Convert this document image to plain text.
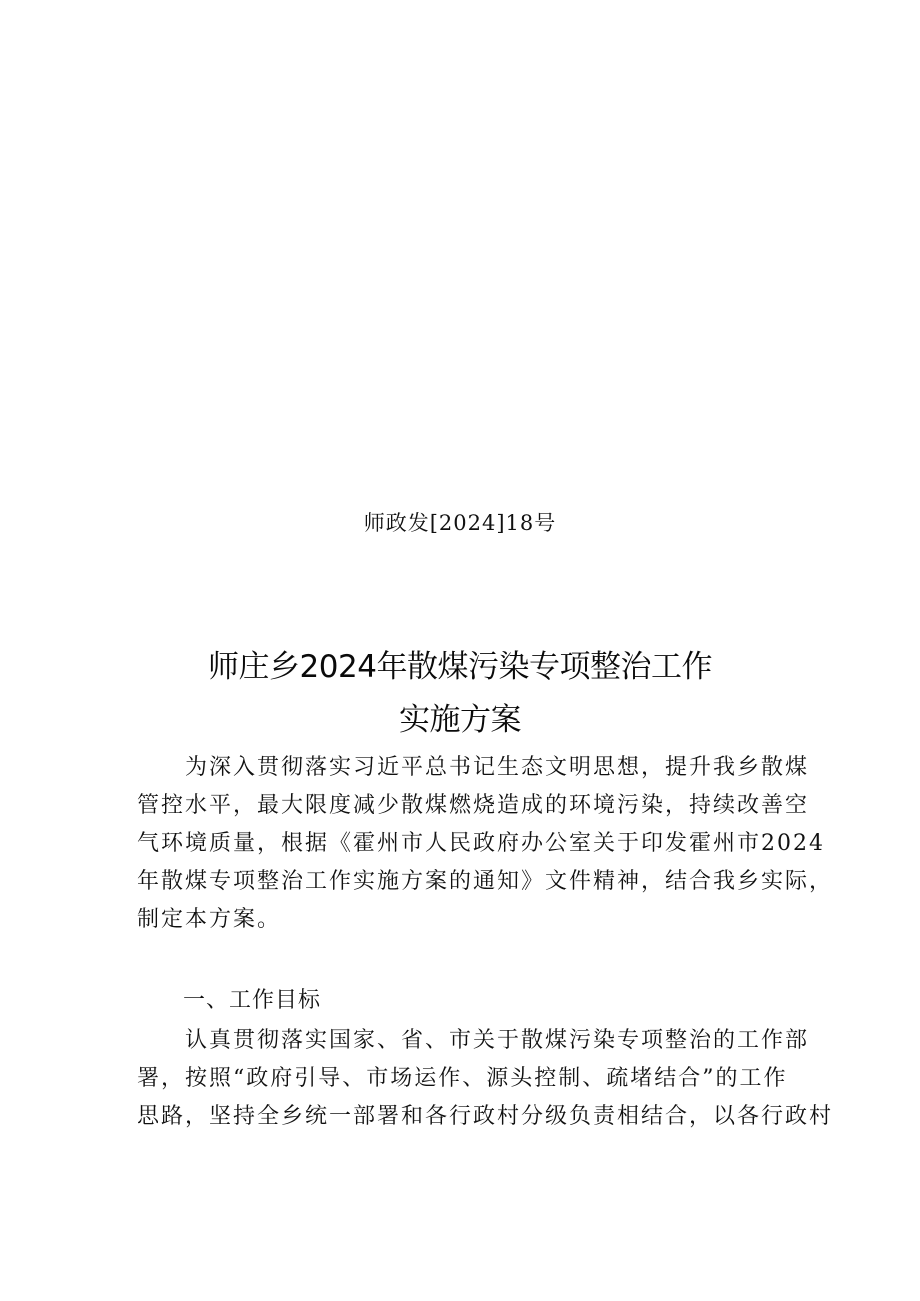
师政发[2024]18号
师庄乡2024年散煤污染专项整治工作
实施方案
为深入贯彻落实习近平总书记生态文明思想，提升我乡散煤
管控水平，最大限度减少散煤燃烧造成的环境污染，持续改善空
气环境质量，根据《霍州市人民政府办公室关于印发霍州市2024
年散煤专项整治工作实施方案的通知》文件精神，结合我乡实际，
制定本方案。
一、工作目标
认真贯彻落实国家、省、市关于散煤污染专项整治的工作部
署，按照“政府引导、市场运作、源头控制、疏堵结合”的工作
思路，坚持全乡统一部署和各行政村分级负责相结合，以各行政村
